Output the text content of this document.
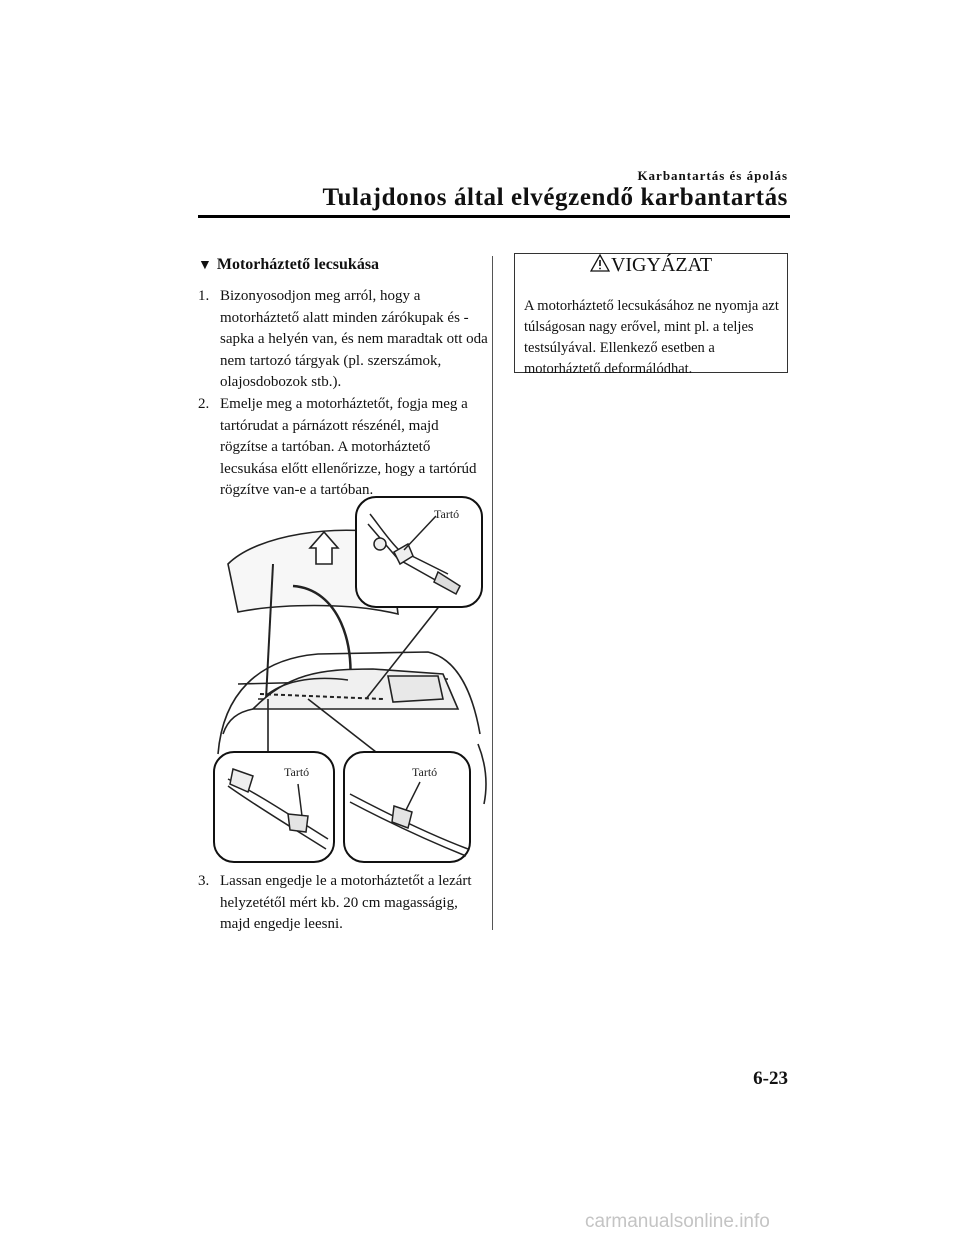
Karbantartás és ápolás
Tulajdonos által elvégzendő karbantartás
▼ Motorháztető lecsukása
1. Bizonyosodjon meg arról, hogy a motorháztető alatt minden zárókupak és -sapka a helyén van, és nem maradtak ott oda nem tartozó tárgyak (pl. szerszámok, olajosdobozok stb.).
2. Emelje meg a motorháztetőt, fogja meg a tartórudat a párnázott részénél, majd rögzítse a tartóban. A motorháztető lecsukása előtt ellenőrizze, hogy a tartórúd rögzítve van-e a tartóban.
Tartó
Tartó	Tartó
3. Lassan engedje le a motorháztetőt a lezárt helyzetétől mért kb. 20 cm magasságig, majd engedje leesni.
VIGYÁZAT
A motorháztető lecsukásához ne nyomja azt túlságosan nagy erővel, mint pl. a teljes testsúlyával. Ellenkező esetben a motorháztető deformálódhat.
6-23
carmanualsonline.info
